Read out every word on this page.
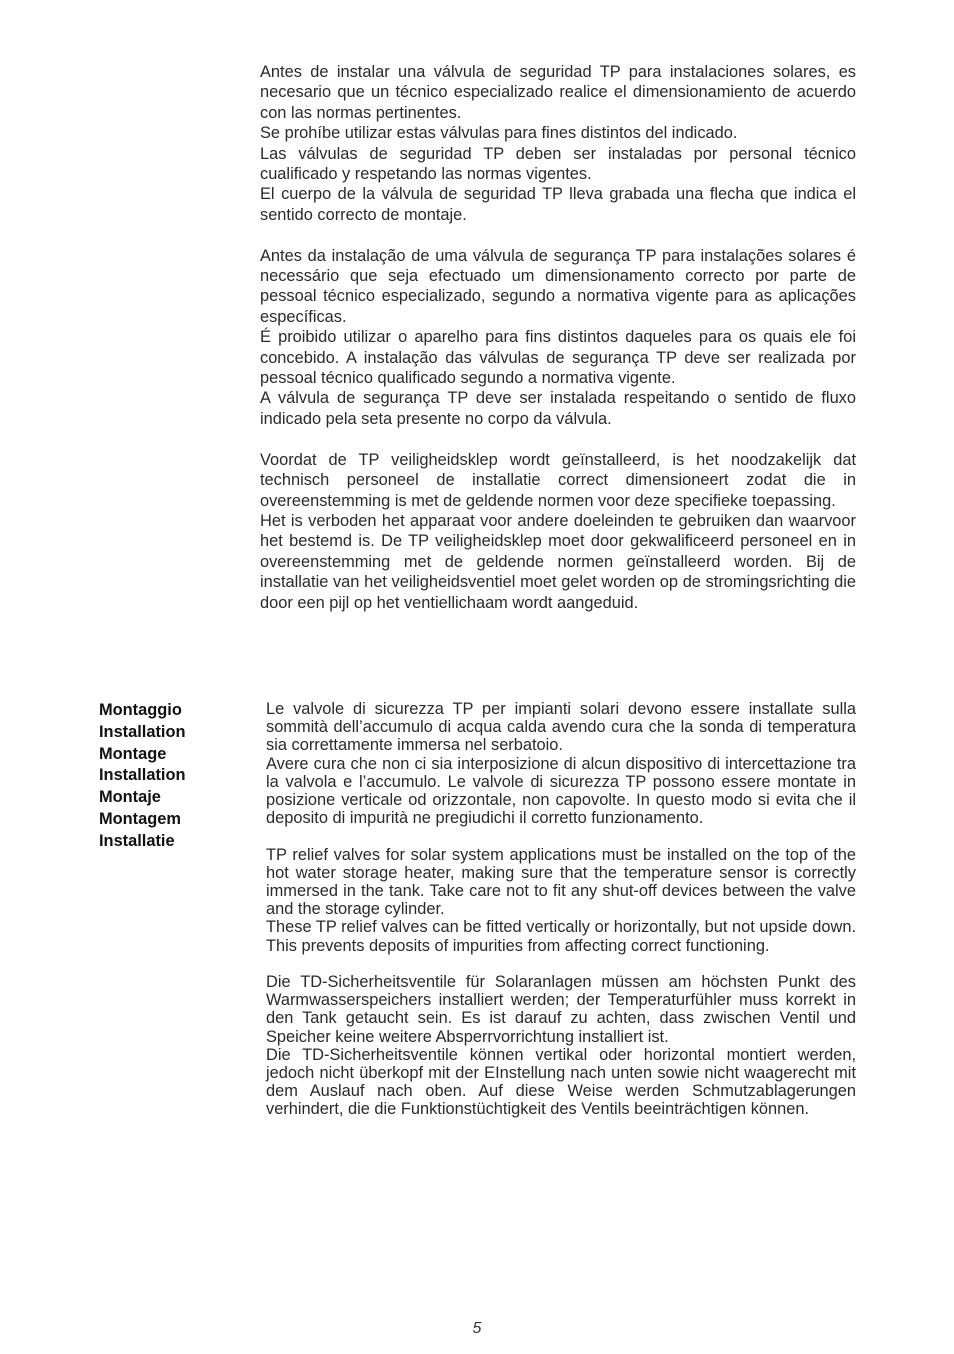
Antes de instalar una válvula de seguridad TP para instalaciones solares, es necesario que un técnico especializado realice el dimensionamiento de acuerdo con las normas pertinentes.
Se prohíbe utilizar estas válvulas para fines distintos del indicado.
Las válvulas de seguridad TP deben ser instaladas por personal técnico cualificado y respetando las normas vigentes.
El cuerpo de la válvula de seguridad TP lleva grabada una flecha que indica el sentido correcto de montaje.
Antes da instalação de uma válvula de segurança TP para instalações solares é necessário que seja efectuado um dimensionamento correcto por parte de pessoal técnico especializado, segundo a normativa vigente para as aplicações específicas.
É proibido utilizar o aparelho para fins distintos daqueles para os quais ele foi concebido. A instalação das válvulas de segurança TP deve ser realizada por pessoal técnico qualificado segundo a normativa vigente.
A válvula de segurança TP deve ser instalada respeitando o sentido de fluxo indicado pela seta presente no corpo da válvula.
Voordat de TP veiligheidsklep wordt geïnstalleerd, is het noodzakelijk dat technisch personeel de installatie correct dimensioneert zodat die in overeenstemming is met de geldende normen voor deze specifieke toepassing.
Het is verboden het apparaat voor andere doeleinden te gebruiken dan waarvoor het bestemd is. De TP veiligheidsklep moet door gekwalificeerd personeel en in overeenstemming met de geldende normen geïnstalleerd worden. Bij de installatie van het veiligheidsventiel moet gelet worden op de stromingsrichting die door een pijl op het ventiellichaam wordt aangeduid.
Montaggio
Installation
Montage
Installation
Montaje
Montagem
Installatie
Le valvole di sicurezza TP per impianti solari devono essere installate sulla sommità dell’accumulo di acqua calda avendo cura che la sonda di temperatura sia correttamente immersa nel serbatoio.
Avere cura che non ci sia interposizione di alcun dispositivo di intercettazione tra la valvola e l’accumulo. Le valvole di sicurezza TP possono essere montate in posizione verticale od orizzontale, non capovolte. In questo modo si evita che il deposito di impurità ne pregiudichi il corretto funzionamento.
TP relief valves for solar system applications must be installed on the top of the hot water storage heater, making sure that the temperature sensor is correctly immersed in the tank. Take care not to fit any shut-off devices between the valve and the storage cylinder.
These TP relief valves can be fitted vertically or horizontally, but not upside down. This prevents deposits of impurities from affecting correct functioning.
Die TD-Sicherheitsventile für Solaranlagen müssen am höchsten Punkt des Warmwasserspeichers installiert werden; der Temperaturfühler muss korrekt in den Tank getaucht sein. Es ist darauf zu achten, dass zwischen Ventil und Speicher keine weitere Absperrvorrichtung installiert ist.
Die TD-Sicherheitsventile können vertikal oder horizontal montiert werden, jedoch nicht überkopf mit der EInstellung nach unten sowie nicht waagerecht mit dem Auslauf nach oben. Auf diese Weise werden Schmutzablagerungen verhindert, die die Funktionstüchtigkeit des Ventils beeinträchtigen können.
5
